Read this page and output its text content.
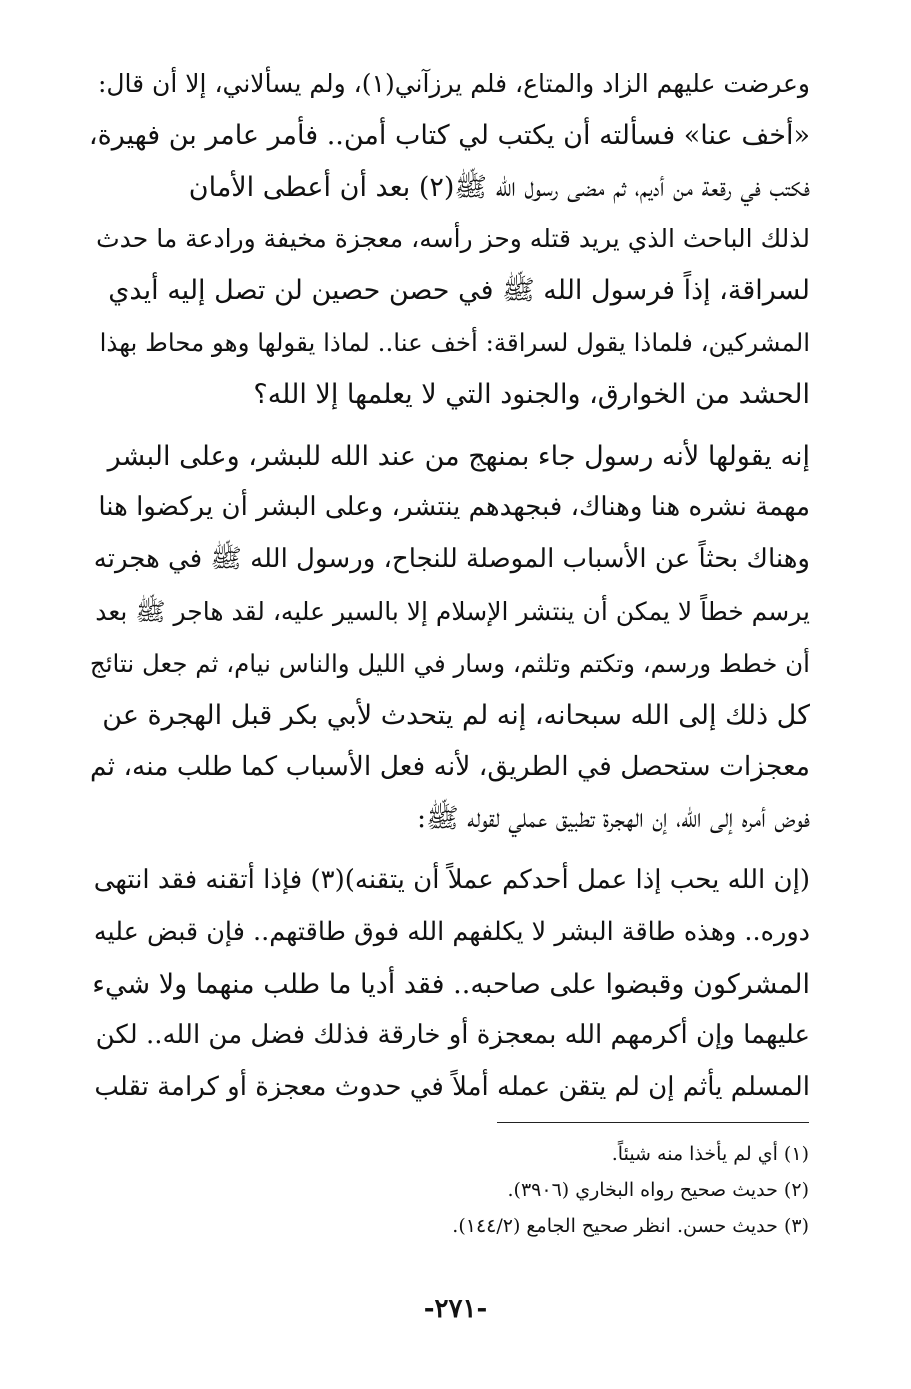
وعرضت عليهم الزاد والمتاع، فلم يرزآني(١)، ولم يسألاني، إلا أن قال:
«أخف عنا» فسألته أن يكتب لي كتاب أمن.. فأمر عامر بن فهيرة،
فكتب في رقعة من أديم، ثم مضى رسول الله ﷺ(٢) بعد أن أعطى الأمان
لذلك الباحث الذي يريد قتله وحز رأسه، معجزة مخيفة ورادعة ما حدث
لسراقة، إذاً فرسول الله ﷺ في حصن حصين لن تصل إليه أيدي
المشركين، فلماذا يقول لسراقة: أخف عنا.. لماذا يقولها وهو محاط بهذا
الحشد من الخوارق، والجنود التي لا يعلمها إلا الله؟

إنه يقولها لأنه رسول جاء بمنهج من عند الله للبشر، وعلى البشر
مهمة نشره هنا وهناك، فبجهدهم ينتشر، وعلى البشر أن يركضوا هنا
وهناك بحثاً عن الأسباب الموصلة للنجاح، ورسول الله ﷺ في هجرته
يرسم خطاً لا يمكن أن ينتشر الإسلام إلا بالسير عليه، لقد هاجر ﷺ بعد
أن خطط ورسم، وتكتم وتلثم، وسار في الليل والناس نيام، ثم جعل نتائج
كل ذلك إلى الله سبحانه، إنه لم يتحدث لأبي بكر قبل الهجرة عن
معجزات ستحصل في الطريق، لأنه فعل الأسباب كما طلب منه، ثم
فوض أمره إلى الله، إن الهجرة تطبيق عملي لقوله ﷺ:

(إن الله يحب إذا عمل أحدكم عملاً أن يتقنه)(٣) فإذا أتقنه فقد انتهى
دوره.. وهذه طاقة البشر لا يكلفهم الله فوق طاقتهم.. فإن قبض عليه
المشركون وقبضوا على صاحبه.. فقد أديا ما طلب منهما ولا شيء
عليهما وإن أكرمهم الله بمعجزة أو خارقة فذلك فضل من الله.. لكن
المسلم يأثم إن لم يتقن عمله أملاً في حدوث معجزة أو كرامة تقلب

(١) أي لم يأخذا منه شيئاً.
(٢) حديث صحيح رواه البخاري (٣٩٠٦).
(٣) حديث حسن. انظر صحيح الجامع (١٤٤/٢).
-٢٧١-
